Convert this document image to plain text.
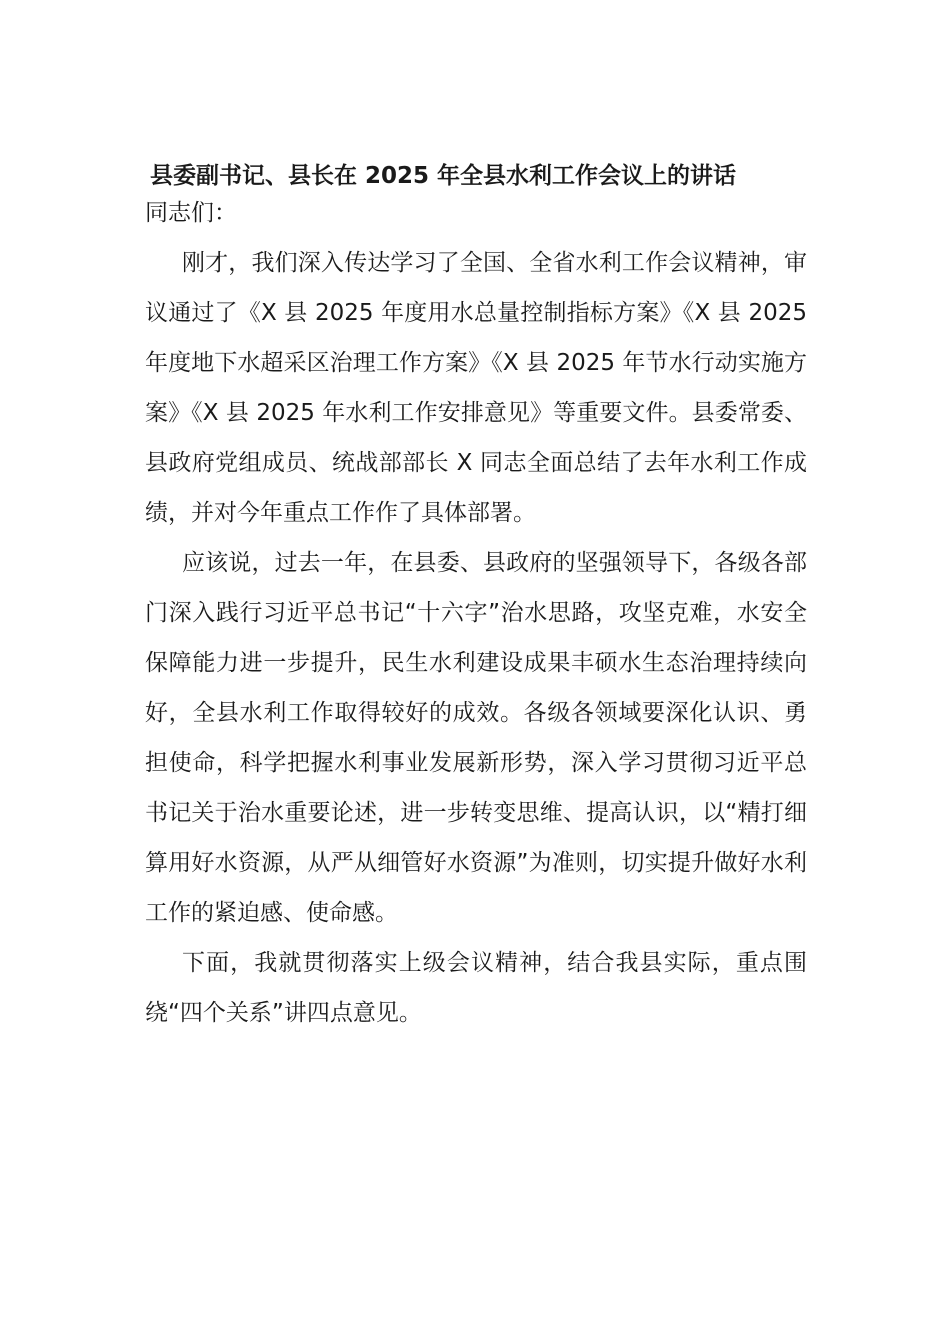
县委副书记、县长在 2025 年全县水利工作会议上的讲话

同志们：

刚才，我们深入传达学习了全国、全省水利工作会议精神，审议通过了《X 县 2025 年度用水总量控制指标方案》《X 县 2025 年度地下水超采区治理工作方案》《X 县 2025 年节水行动实施方案》《X 县 2025 年水利工作安排意见》等重要文件。县委常委、县政府党组成员、统战部部长 X 同志全面总结了去年水利工作成绩，并对今年重点工作作了具体部署。

应该说，过去一年，在县委、县政府的坚强领导下，各级各部门深入践行习近平总书记“十六字”治水思路，攻坚克难，水安全保障能力进一步提升，民生水利建设成果丰硕水生态治理持续向好，全县水利工作取得较好的成效。各级各领域要深化认识、勇担使命，科学把握水利事业发展新形势，深入学习贯彻习近平总书记关于治水重要论述，进一步转变思维、提高认识，以“精打细算用好水资源，从严从细管好水资源”为准则，切实提升做好水利工作的紧迫感、使命感。

下面，我就贯彻落实上级会议精神，结合我县实际，重点围绕“四个关系”讲四点意见。
